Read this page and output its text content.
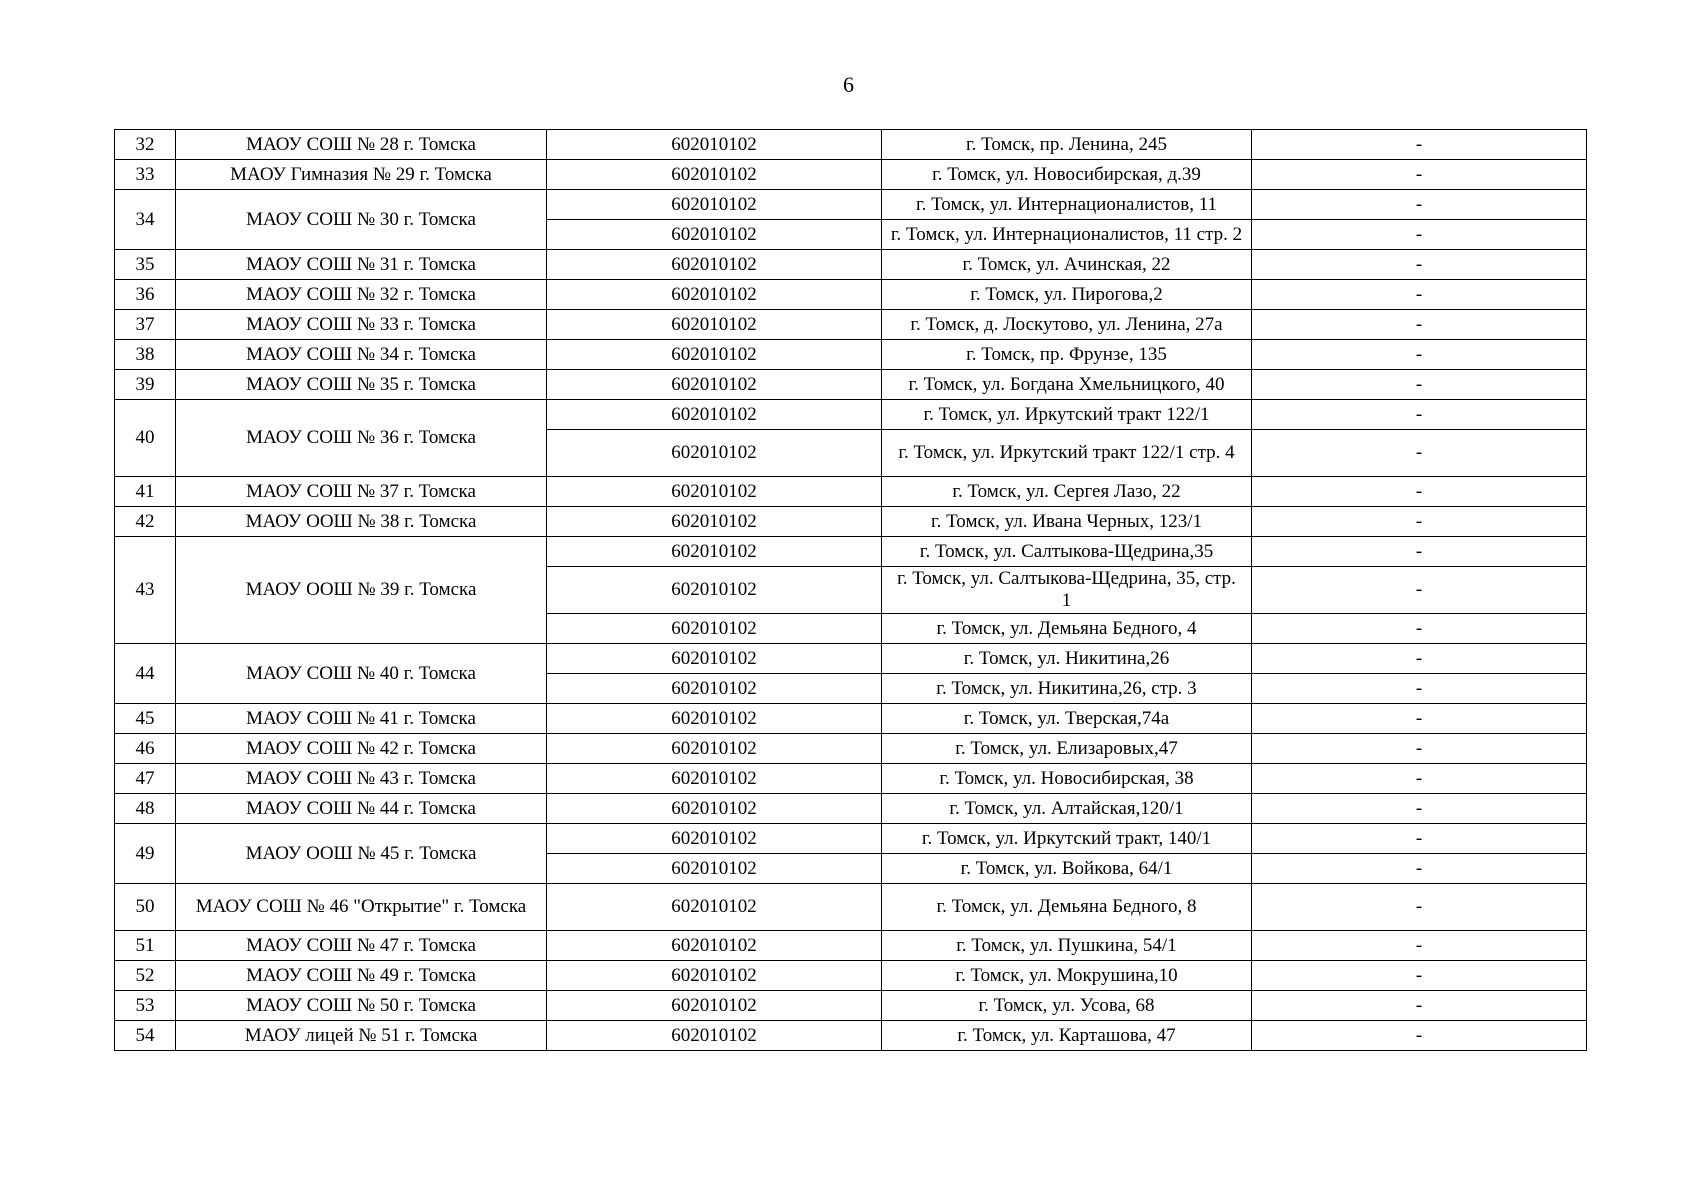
6
32	МАОУ СОШ № 28 г. Томска	602010102	г. Томск, пр. Ленина, 245	-
33	МАОУ Гимназия № 29 г. Томска	602010102	г. Томск, ул. Новосибирская, д.39	-
34	МАОУ СОШ № 30 г. Томска	602010102	г. Томск, ул. Интернационалистов, 11	-
		602010102	г. Томск, ул. Интернационалистов, 11 стр. 2	-
35	МАОУ СОШ № 31 г. Томска	602010102	г. Томск, ул. Ачинская, 22	-
36	МАОУ СОШ № 32 г. Томска	602010102	г. Томск, ул. Пирогова,2	-
37	МАОУ СОШ № 33 г. Томска	602010102	г. Томск, д. Лоскутово, ул. Ленина, 27а	-
38	МАОУ СОШ № 34 г. Томска	602010102	г. Томск, пр. Фрунзе, 135	-
39	МАОУ СОШ № 35 г. Томска	602010102	г. Томск, ул. Богдана Хмельницкого, 40	-
40	МАОУ СОШ № 36 г. Томска	602010102	г. Томск, ул. Иркутский тракт 122/1	-
		602010102	г. Томск, ул. Иркутский тракт 122/1 стр. 4	-
41	МАОУ СОШ № 37 г. Томска	602010102	г. Томск, ул. Сергея Лазо, 22	-
42	МАОУ ООШ № 38 г. Томска	602010102	г. Томск, ул. Ивана Черных, 123/1	-
43	МАОУ ООШ № 39 г. Томска	602010102	г. Томск, ул. Салтыкова-Щедрина,35	-
		602010102	г. Томск, ул. Салтыкова-Щедрина, 35, стр. 1	-
		602010102	г. Томск, ул. Демьяна Бедного, 4	-
44	МАОУ СОШ № 40 г. Томска	602010102	г. Томск, ул. Никитина,26	-
		602010102	г. Томск, ул. Никитина,26, стр. 3	-
45	МАОУ СОШ № 41 г. Томска	602010102	г. Томск, ул. Тверская,74а	-
46	МАОУ СОШ № 42 г. Томска	602010102	г. Томск, ул. Елизаровых,47	-
47	МАОУ СОШ № 43 г. Томска	602010102	г. Томск, ул. Новосибирская, 38	-
48	МАОУ СОШ № 44 г. Томска	602010102	г. Томск, ул. Алтайская,120/1	-
49	МАОУ ООШ № 45 г. Томска	602010102	г. Томск, ул. Иркутский тракт, 140/1	-
		602010102	г. Томск, ул. Войкова, 64/1	-
50	МАОУ СОШ № 46 "Открытие" г. Томска	602010102	г. Томск, ул. Демьяна Бедного, 8	-
51	МАОУ СОШ № 47 г. Томска	602010102	г. Томск, ул. Пушкина, 54/1	-
52	МАОУ СОШ № 49 г. Томска	602010102	г. Томск, ул. Мокрушина,10	-
53	МАОУ СОШ № 50 г. Томска	602010102	г. Томск, ул. Усова, 68	-
54	МАОУ лицей № 51 г. Томска	602010102	г. Томск, ул. Карташова, 47	-
